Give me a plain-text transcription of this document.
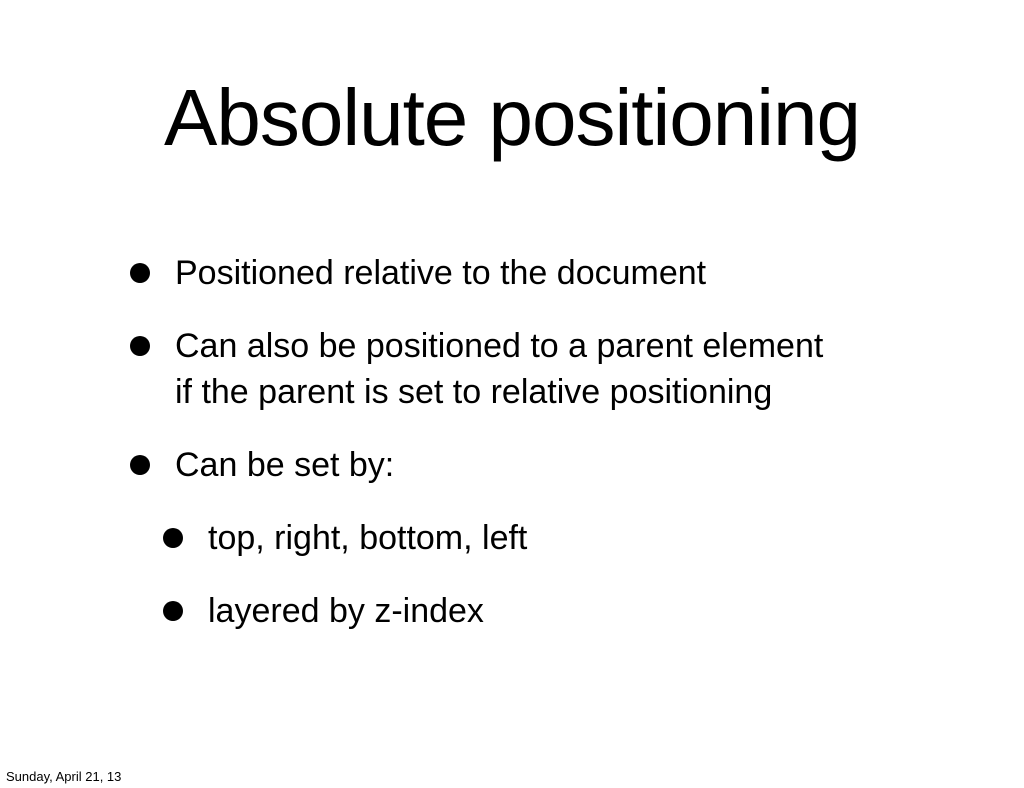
Absolute positioning
Positioned relative to the document
Can also be positioned to a parent element
if the parent is set to relative positioning
Can be set by:
top, right, bottom, left
layered by z-index
Sunday, April 21, 13
